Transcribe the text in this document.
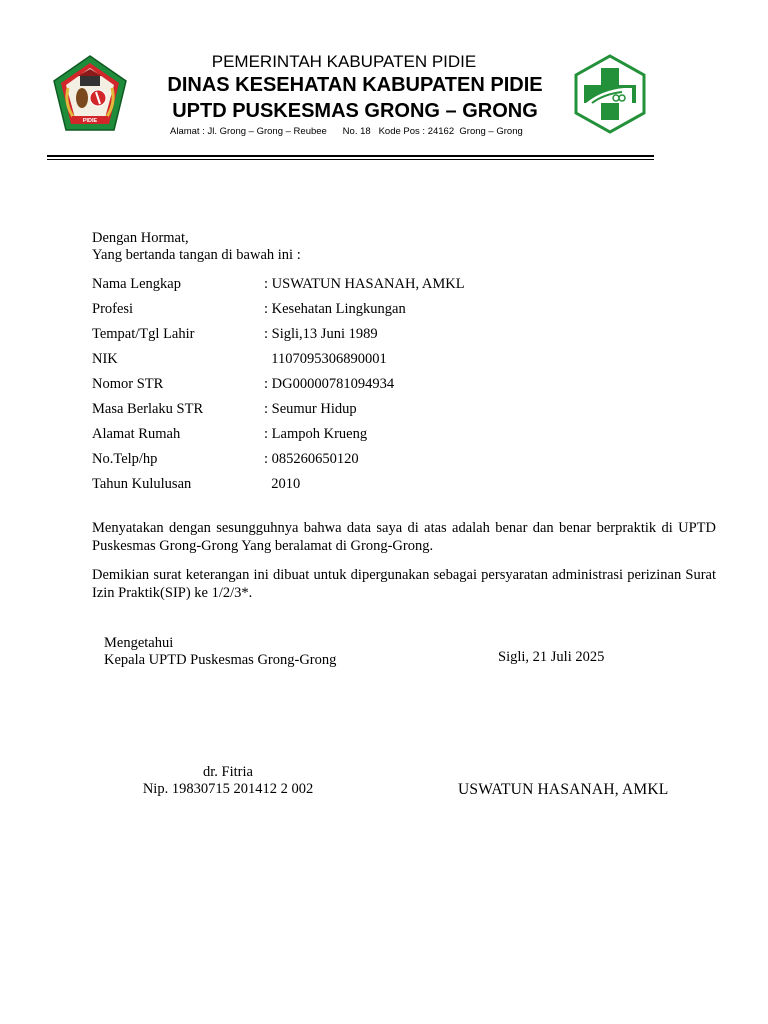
PIDIE
PEMERINTAH KABUPATEN PIDIE
DINAS KESEHATAN KABUPATEN PIDIE
UPTD PUSKESMAS GRONG – GRONG
Alamat : Jl. Grong – Grong – Reubee      No. 18   Kode Pos : 24162  Grong – Grong
Dengan Hormat,
Yang bertanda tangan di bawah ini :
Nama Lengkap	: USWATUN HASANAH, AMKL
Profesi	: Kesehatan Lingkungan
Tempat/Tgl Lahir	: Sigli,13 Juni 1989
NIK	1107095306890001
Nomor STR	: DG00000781094934
Masa Berlaku STR	: Seumur Hidup
Alamat Rumah	: Lampoh Krueng
No.Telp/hp	: 085260650120
Tahun Kululusan	2010
Menyatakan dengan sesungguhnya bahwa data saya di atas adalah benar dan benar berpraktik di UPTD Puskesmas Grong-Grong Yang beralamat di Grong-Grong.
Demikian surat keterangan ini dibuat untuk dipergunakan sebagai persyaratan administrasi perizinan Surat Izin Praktik(SIP) ke 1/2/3*.
Mengetahui
Kepala UPTD Puskesmas Grong-Grong	Sigli, 21 Juli 2025
dr. Fitria
Nip. 19830715 201412 2 002	USWATUN HASANAH, AMKL
